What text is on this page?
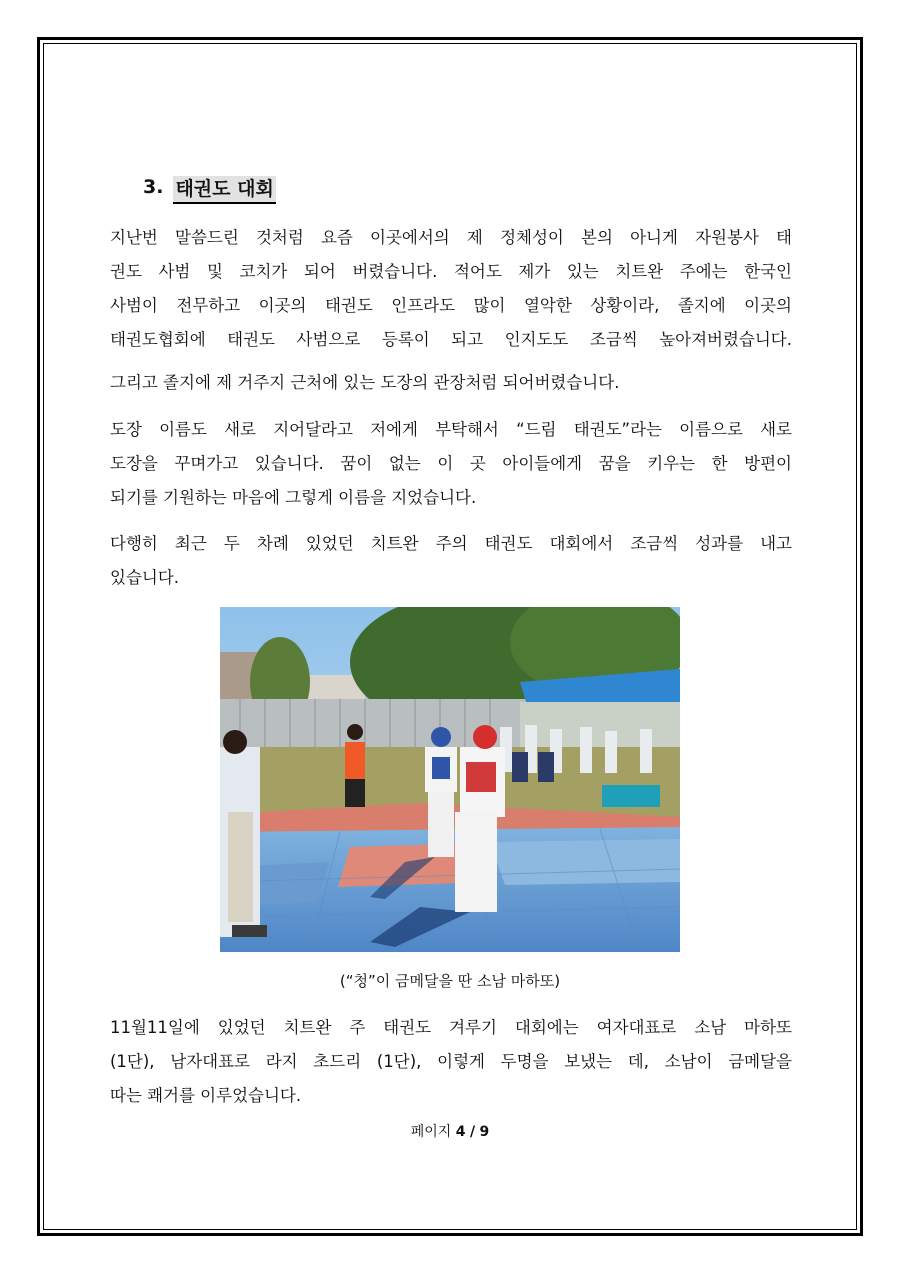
3. 태권도 대회
지난번 말씀드린 것처럼 요즘 이곳에서의 제 정체성이 본의 아니게 자원봉사 태
권도 사범 및 코치가 되어 버렸습니다. 적어도 제가 있는 치트완 주에는 한국인
사범이 전무하고 이곳의 태권도 인프라도 많이 열악한 상황이라, 졸지에 이곳의
태권도협회에 태권도 사범으로 등록이 되고 인지도도 조금씩 높아져버렸습니다.
그리고 졸지에 제 거주지 근처에 있는 도장의 관장처럼 되어버렸습니다.
도장 이름도 새로 지어달라고 저에게 부탁해서 “드림 태권도”라는 이름으로 새로
도장을 꾸며가고 있습니다. 꿈이 없는 이 곳 아이들에게 꿈을 키우는 한 방편이
되기를 기원하는 마음에 그렇게 이름을 지었습니다.
다행히 최근 두 차례 있었던 치트완 주의 태권도 대회에서 조금씩 성과를 내고
있습니다.
(“청”이 금메달을 딴 소남 마하또)
11월11일에 있었던 치트완 주 태권도 겨루기 대회에는 여자대표로 소남 마하또
(1단), 남자대표로 라지 초드리 (1단), 이렇게 두명을 보냈는 데, 소남이 금메달을
따는 쾌거를 이루었습니다.
페이지 4 / 9
